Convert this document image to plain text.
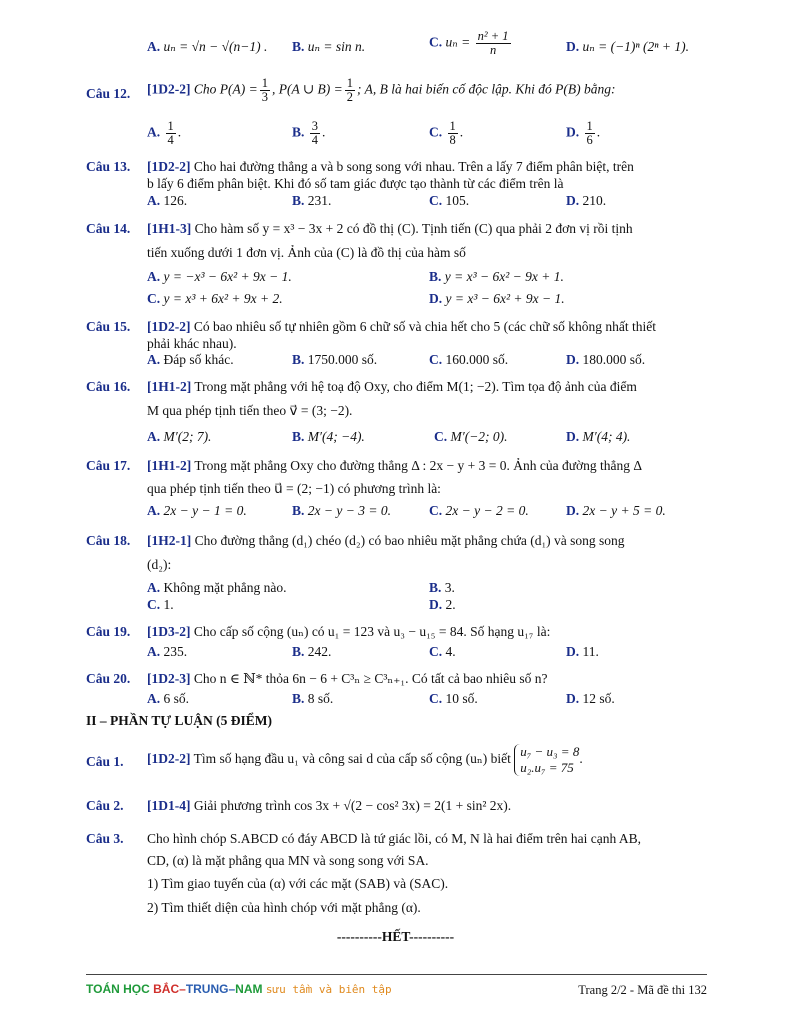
A. uₙ = √n − √(n−1) . B. uₙ = sin n.	C. $u_n = \frac{\text{n² + 1}}{n}$	D. uₙ = (−1)ⁿ (2ⁿ + 1).
Câu 12. [1D2-2] Cho $P(A) = \frac{1}{3}$ , P(A ∪ $B) = \frac{1}{2}$ ; A, B là hai biến cố độc lập. Khi đó P(B) bằng:
A. $\frac{1}{4}$ .	B. $\frac{3}{4}$ .	C. $\frac{1}{8}$ .	D. $\frac{1}{6}$ .
Câu 13. [1D2-2] Cho hai đường thẳng a và b song song với nhau. Trên a lấy 7 điểm phân biệt, trên
b lấy 6 điểm phân biệt. Khi đó số tam giác được tạo thành từ các điểm trên là
A. 126.	B. 231.	C. 105.	D. 210.
Câu 14. [1H1-3] Cho hàm số y = x³ − 3x + 2 có đồ thị (C). Tịnh tiến (C) qua phải 2 đơn vị rồi tịnh
tiến xuống dưới 1 đơn vị. Ảnh của (C) là đồ thị của hàm số
A. y = −x³ − 6x² + 9x − 1.	B. y = x³ − 6x² − 9x + 1.
C. y = x³ + 6x² + 9x + 2.	D. y = x³ − 6x² + 9x − 1.
Câu 15. [1D2-2] Có bao nhiêu số tự nhiên gồm 6 chữ số và chia hết cho 5 (các chữ số không nhất thiết
phải khác nhau).
A. Đáp số khác.	B. 1750.000 số.	C. 160.000 số.	D. 180.000 số.
Câu 16. [1H1-2] Trong mặt phẳng với hệ toạ độ Oxy, cho điểm M(1; −2). Tìm tọa độ ảnh của điểm
M qua phép tịnh tiến theo v⃗ = (3; −2).
A. M′(2; 7).	B. M′(4; −4).	C. M′(−2; 0).	D. M′(4; 4).
Câu 17. [1H1-2] Trong mặt phẳng Oxy cho đường thẳng Δ : 2x − y + 3 = 0. Ảnh của đường thẳng Δ
qua phép tịnh tiến theo u⃗ = (2; −1) có phương trình là:
A. 2x − y − 1 = 0.	B. 2x − y − 3 = 0.	C. 2x − y − 2 = 0.	D. 2x − y + 5 = 0.
Câu 18. [1H2-1] Cho đường thẳng (d₁) chéo (d₂) có bao nhiêu mặt phẳng chứa (d₁) và song song
(d₂):
A. Không mặt phẳng nào.	B. 3.
C. 1.	D. 2.
Câu 19. [1D3-2] Cho cấp số cộng (uₙ) có u₁ = 123 và u₃ − u₁₅ = 84. Số hạng u₁₇ là:
A. 235.	B. 242.	C. 4.	D. 11.
Câu 20. [1D2-3] Cho n ∈ ℕ* thỏa 6n − 6 + C³ₙ ≥ C³ₙ₊₁. Có tất cả bao nhiêu số n?
A. 6 số.	B. 8 số.	C. 10 số.	D. 12 số.
II – PHẦN TỰ LUẬN (5 ĐIỂM)
Câu 1. [1D2-2] Tìm số hạng đầu u₁ và công sai d của cấp số cộng (uₙ) biết u₇ − u₃ = 8
u₂.u₇ = 75.
Câu 2. [1D1-4] Giải phương trình cos 3x + √(2 − cos² 3x) = 2(1 + sin² 2x).
Câu 3. Cho hình chóp S.ABCD có đáy ABCD là tứ giác lồi, có M, N là hai điểm trên hai cạnh AB,
CD, (α) là mặt phẳng qua MN và song song với SA.
1) Tìm giao tuyến của (α) với các mặt (SAB) và (SAC).
2) Tìm thiết diện của hình chóp với mặt phẳng (α).
----------HẾT----------
TOÁN HỌC BẮC–TRUNG–NAM sưu tầm và biên tập	Trang 2/2 - Mã đề thi 132
